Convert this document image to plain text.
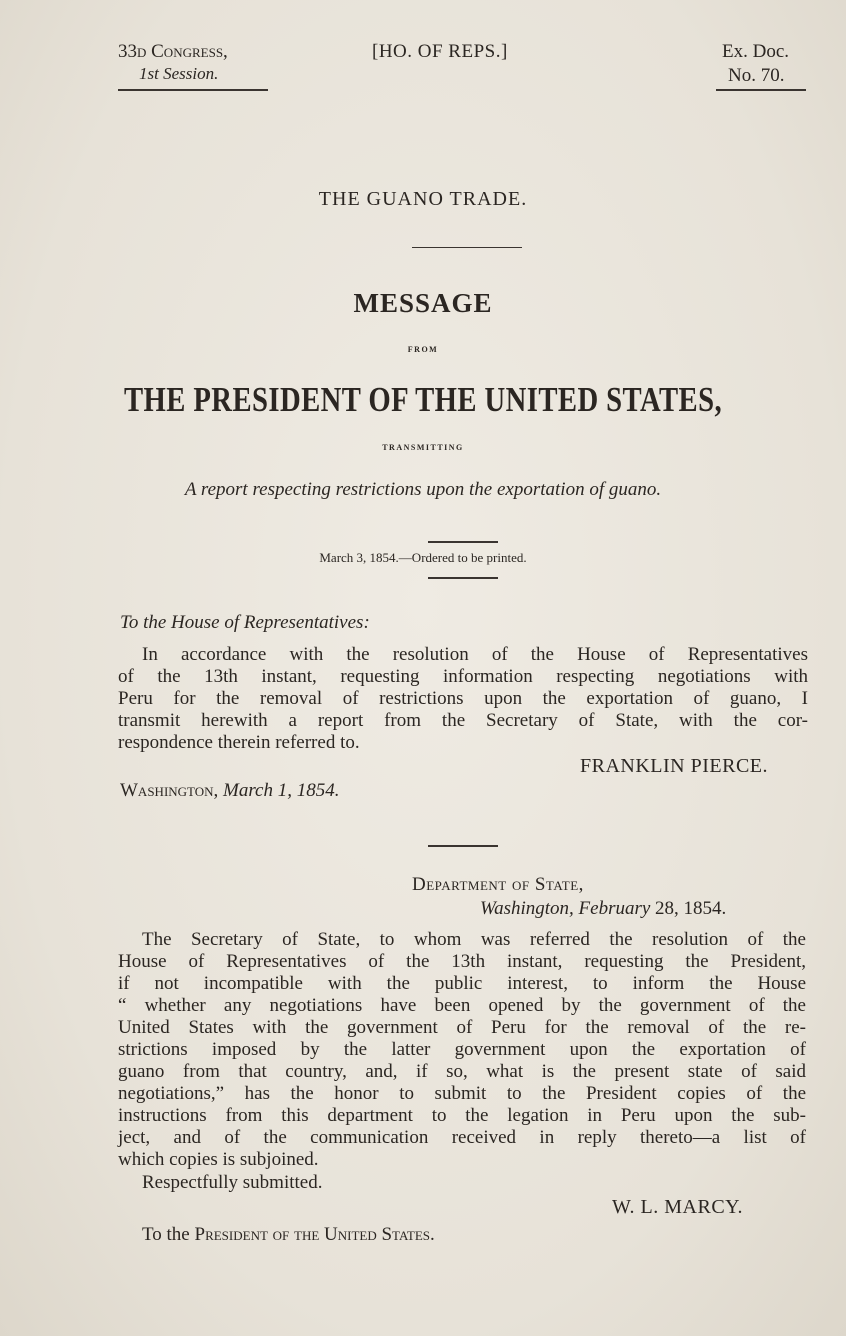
33d Congress,
1st Session.
[HO. OF REPS.]	Ex. Doc.
No. 70.
THE GUANO TRADE.
MESSAGE
FROM
THE PRESIDENT OF THE UNITED STATES,
TRANSMITTING
A report respecting restrictions upon the exportation of guano.
March 3, 1854.—Ordered to be printed.
To the House of Representatives:
In accordance with the resolution of the House of Representatives
of the 13th instant, requesting information respecting negotiations with
Peru for the removal of restrictions upon the exportation of guano, I
transmit herewith a report from the Secretary of State, with the cor-
respondence therein referred to.
FRANKLIN PIERCE.
Washington, March 1, 1854.
Department of State,
Washington, February 28, 1854.
The Secretary of State, to whom was referred the resolution of the
House of Representatives of the 13th instant, requesting the President,
if not incompatible with the public interest, to inform the House
“ whether any negotiations have been opened by the government of the
United States with the government of Peru for the removal of the re-
strictions imposed by the latter government upon the exportation of
guano from that country, and, if so, what is the present state of said
negotiations,” has the honor to submit to the President copies of the
instructions from this department to the legation in Peru upon the sub-
ject, and of the communication received in reply thereto—a list of
which copies is subjoined.
Respectfully submitted.
W. L. MARCY.
To the President of the United States.
